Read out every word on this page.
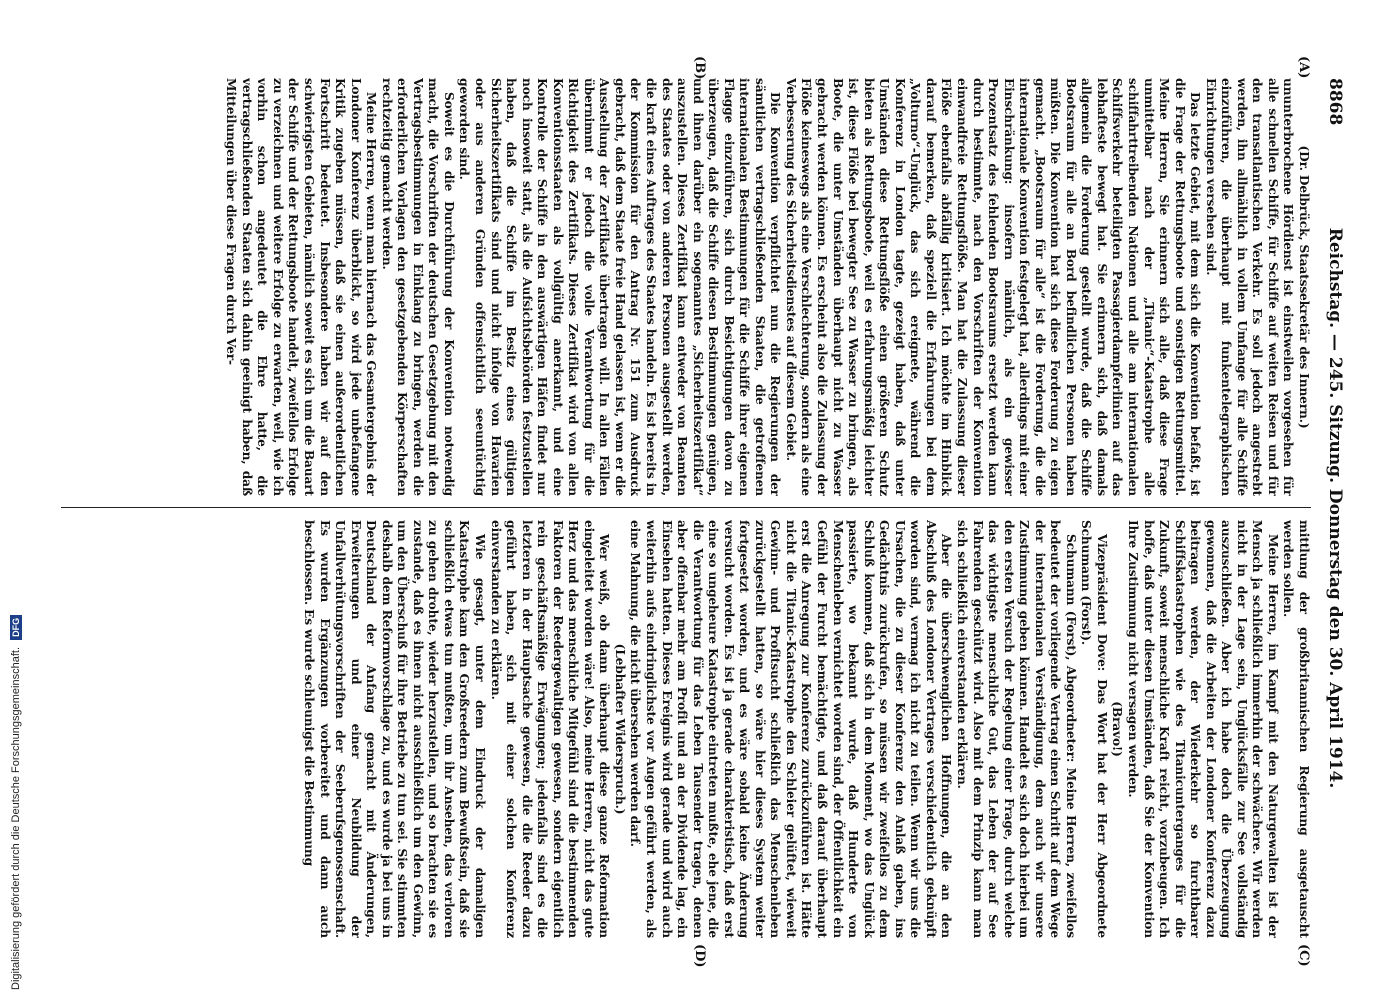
8868
Reichstag. — 245. Sitzung. Donnerstag den 30. April 1914.
(A)
(B)
(C)
(D)

(Dr. Delbrück, Staatssekretär des Innern.)

ununterbrochene Hördienst ist einstweilen vorgesehen für alle schnellen Schiffe, für Schiffe auf weiten Reisen und für den transatlantischen Verkehr. Es soll jedoch angestrebt werden, ihn allmählich in vollem Umfange für alle Schiffe einzuführen, die überhaupt mit funkentelegraphischen Einrichtungen versehen sind.

Das letzte Gebiet, mit dem sich die Konvention befaßt, ist die Frage der Rettungsboote und sonstigen Rettungsmittel. Meine Herren, Sie erinnern sich alle, daß diese Frage unmittelbar nach der „Titanic“-Katastrophe alle schiffahrttreibenden Nationen und alle am internationalen Schiffsverkehr beteiligten Passagierdampferlinien auf das lebhafteste bewegt hat. Sie erinnern sich, daß damals allgemein die Forderung gestellt wurde, daß die Schiffe Bootsraum für alle an Bord befindlichen Personen haben müßten. Die Konvention hat sich diese Forderung zu eigen gemacht. „Bootsraum für alle“ ist die Forderung, die die internationale Konvention festgelegt hat, allerdings mit einer Einschränkung: insofern nämlich, als ein gewisser Prozentsatz des fehlenden Bootsraums ersetzt werden kann durch bestimmte, nach den Vorschriften der Konvention einwandfreie Rettungsflöße. Man hat die Zulassung dieser Flöße ebenfalls abfällig kritisiert. Ich möchte im Hinblick darauf bemerken, daß speziell die Erfahrungen bei dem „Volturno“-Unglück, das sich ereignete, während die Konferenz in London tagte, gezeigt haben, daß unter Umständen diese Rettungsflöße einen größeren Schutz bieten als Rettungsboote, weil es erfahrungsmäßig leichter ist, diese Flöße bei bewegter See zu Wasser zu bringen, als Boote, die unter Umständen überhaupt nicht zu Wasser gebracht werden können. Es erscheint also die Zulassung der Flöße keineswegs als eine Verschlechterung, sondern als eine Verbesserung des Sicherheitsdienstes auf diesem Gebiet.

Die Konvention verpflichtet nun die Regierungen der sämtlichen vertragschließenden Staaten, die getroffenen internationalen Bestimmungen für die Schiffe ihrer eigenen Flagge einzuführen, sich durch Besichtigungen davon zu überzeugen, daß die Schiffe diesen Bestimmungen genügen, und ihnen darüber ein sogenanntes „Sicherheitszertifikat“ auszustellen. Dieses Zertifikat kann entweder von Beamten des Staates oder von anderen Personen ausgestellt werden, die kraft eines Auftrages des Staates handeln. Es ist bereits in der Kommission für den Antrag Nr. 151 zum Ausdruck gebracht, daß dem Staate freie Hand gelassen ist, wem er die Ausstellung der Zertifikate übertragen will. In allen Fällen übernimmt er jedoch die volle Verantwortung für die Richtigkeit des Zertifikats. Dieses Zertifikat wird von allen Konventionsstaaten als vollgültig anerkannt, und eine Kontrolle der Schiffe in den auswärtigen Häfen findet nur noch insoweit statt, als die Aufsichtsbehörden festzustellen haben, daß die Schiffe im Besitz eines gültigen Sicherheitszertifikats sind und nicht infolge von Havarien oder aus anderen Gründen offensichtlich seeuntüchtig geworden sind.

Soweit es die Durchführung der Konvention notwendig macht, die Vorschriften der deutschen Gesetzgebung mit den Vertragsbestimmungen in Einklang zu bringen, werden die erforderlichen Vorlagen den gesetzgebenden Körperschaften rechtzeitig gemacht werden.

Meine Herren, wenn man hiernach das Gesamtergebnis der Londoner Konferenz überblickt, so wird jede unbefangene Kritik zugeben müssen, daß sie einen außerordentlichen Fortschritt bedeutet. Insbesondere haben wir auf den schwierigsten Gebieten, nämlich soweit es sich um die Bauart der Schiffe und der Rettungsboote handelt, zweifellos Erfolge zu verzeichnen und weitere Erfolge zu erwarten, weil, wie ich vorhin schon angedeutet die Ehre hatte, die vertragschließenden Staaten sich dahin geeinigt haben, daß Mitteilungen über diese Fragen durch Ver-

mittlung der großbritannischen Regierung ausgetauscht werden sollen.

Meine Herren, im Kampf mit den Naturgewalten ist der Mensch ja schließlich immerhin der schwächere. Wir werden nicht in der Lage sein, Unglücksfälle zur See vollständig auszuschließen. Aber ich habe doch die Überzeugung gewonnen, daß die Arbeiten der Londoner Konferenz dazu beitragen werden, der Wiederkehr so furchtbarer Schiffskatastrophen wie des Titanicunterganges für die Zukunft, soweit menschliche Kraft reicht, vorzubeugen. Ich hoffe, daß unter diesen Umständen, daß Sie der Konvention Ihre Zustimmung nicht versagen werden.

(Bravo!)

Vizepräsident Dove: Das Wort hat der Herr Abgeordnete Schumann (Forst).

Schumann (Forst), Abgeordneter: Meine Herren, zweifellos bedeutet der vorliegende Vertrag einen Schritt auf dem Wege der internationalen Verständigung, dem auch wir unsere Zustimmung geben können. Handelt es sich doch hierbei um den ersten Versuch der Regelung einer Frage, durch welche das wichtigste menschliche Gut, das Leben der auf See Fahrenden geschützt wird. Also mit dem Prinzip kann man sich schließlich einverstanden erklären.

Aber die überschwenglichen Hoffnungen, die an den Abschluß des Londoner Vertrages verschiedentlich geknüpft worden sind, vermag ich nicht zu teilen. Wenn wir uns die Ursachen, die zu dieser Konferenz den Anlaß gaben, ins Gedächtnis zurückrufen, so müssen wir zweifellos zu dem Schluß kommen, daß sich in dem Moment, wo das Unglück passierte, wo bekannt wurde, daß Hunderte von Menschenleben vernichtet worden sind, der Öffentlichkeit ein Gefühl der Furcht bemächtigte, und daß darauf überhaupt erst die Anregung zur Konferenz zurückzuführen ist. Hätte nicht die Titanic-Katastrophe den Schleier gelüftet, wieweit Gewinn- und Profitsucht schließlich das Menschenleben zurückgestellt hatten, so wäre hier dieses System weiter fortgesetzt worden, und es wäre sobald keine Änderung versucht worden. Es ist ja gerade charakteristisch, daß erst eine so ungeheure Katastrophe eintreten mußte, ehe jene, die die Verantwortung für das Leben Tausender tragen, denen aber offenbar mehr am Profit und an der Dividende lag, ein Einsehen hatten. Dieses Ereignis wird gerade und wird auch weiterhin aufs eindringlichste vor Augen geführt werden, als eine Mahnung, die nicht übersehen werden darf.

(Lebhafter Widerspruch.)

Wer weiß, ob dann überhaupt diese ganze Reformation eingeleitet worden wäre! Also, meine Herren, nicht das gute Herz und das menschliche Mitgefühl sind die bestimmenden Faktoren der Reedergewaltigen gewesen, sondern eigentlich rein geschäftsmäßige Erwägungen; jedenfalls sind es die letzteren in der Hauptsache gewesen, die die Reeder dazu geführt haben, sich mit einer solchen Konferenz einverstanden zu erklären.

Wie gesagt, unter dem Eindruck der damaligen Katastrophe kam den Großreedern zum Bewußtsein, daß sie schließlich etwas tun mußten, um ihr Ansehen, das verloren zu gehen drohte, wieder herzustellen, und so brachten sie es zustande, daß es ihnen nicht ausschließlich um den Gewinn, um den Überschuß für ihre Betriebe zu tun sei. Sie stimmten deshalb dem Reformvorschlage zu, und es wurde ja bei uns in Deutschland der Anfang gemacht mit Änderungen, Erweiterungen und einer Neubildung der Unfallverhütungsvorschriften der Seeberufsgenossenschaft. Es wurden Ergänzungen vorbereitet und dann auch beschlossen. Es wurde schleunigst die Bestimmung

Digitalisierung gefördert durch die Deutsche Forschungsgemeinschaft. DFG
